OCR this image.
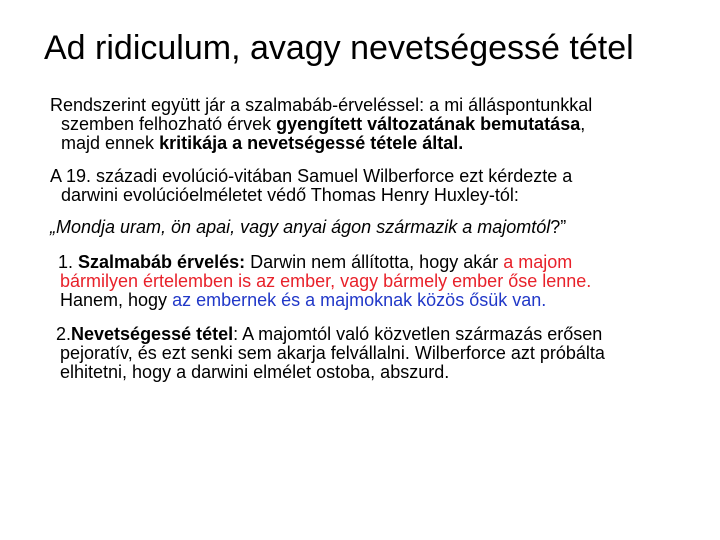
Ad ridiculum, avagy nevetségessé tétel
Rendszerint együtt jár a szalmabáb-érveléssel: a mi álláspontunkkal
szemben felhozható érvek gyengített változatának bemutatása,
majd ennek kritikája a nevetségessé tétele által.
A 19. századi evolúció-vitában Samuel Wilberforce ezt kérdezte a
darwini evolúcióelméletet védő Thomas Henry Huxley-tól:
„Mondja uram, ön apai, vagy anyai ágon származik a majomtól?”
1. Szalmabáb érvelés: Darwin nem állította, hogy akár a majom
bármilyen értelemben is az ember, vagy bármely ember őse lenne.
Hanem, hogy az embernek és a majmoknak közös ősük van.
2.Nevetségessé tétel: A majomtól való közvetlen származás erősen
pejoratív, és ezt senki sem akarja felvállalni. Wilberforce azt próbálta
elhitetni, hogy a darwini elmélet ostoba, abszurd.
